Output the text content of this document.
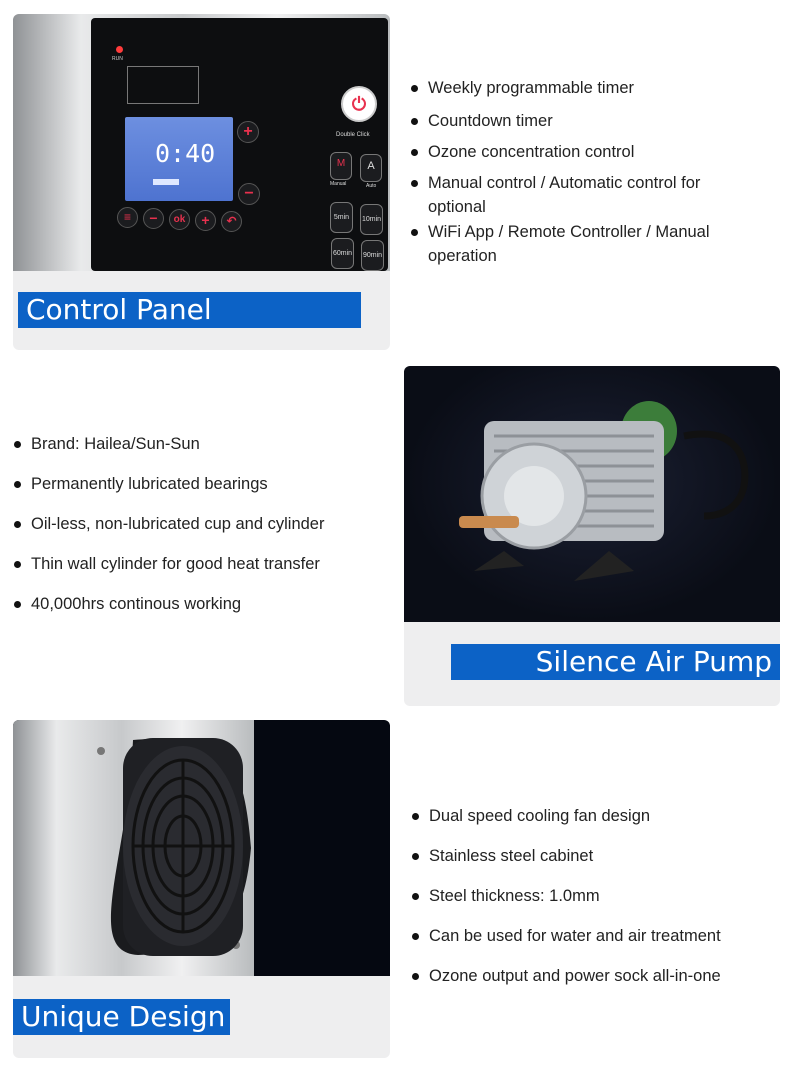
RUN
0:40
+
−
≡	−	ok	+	↶
⏻
Double Click
M
Manual
A
Auto
5min	10min
60min 90min
Control Panel
Weekly programmable timer
Countdown timer
Ozone concentration control
Manual control / Automatic control for optional
WiFi App / Remote Controller / Manual operation
Brand: Hailea/Sun-Sun
Permanently lubricated bearings
Oil-less, non-lubricated cup and cylinder
Thin wall cylinder for good heat transfer
40,000hrs continous working
Silence Air Pump
Unique Design
Dual speed cooling fan design
Stainless steel cabinet
Steel thickness: 1.0mm
Can be used for water and air treatment
Ozone output and power sock all-in-one
